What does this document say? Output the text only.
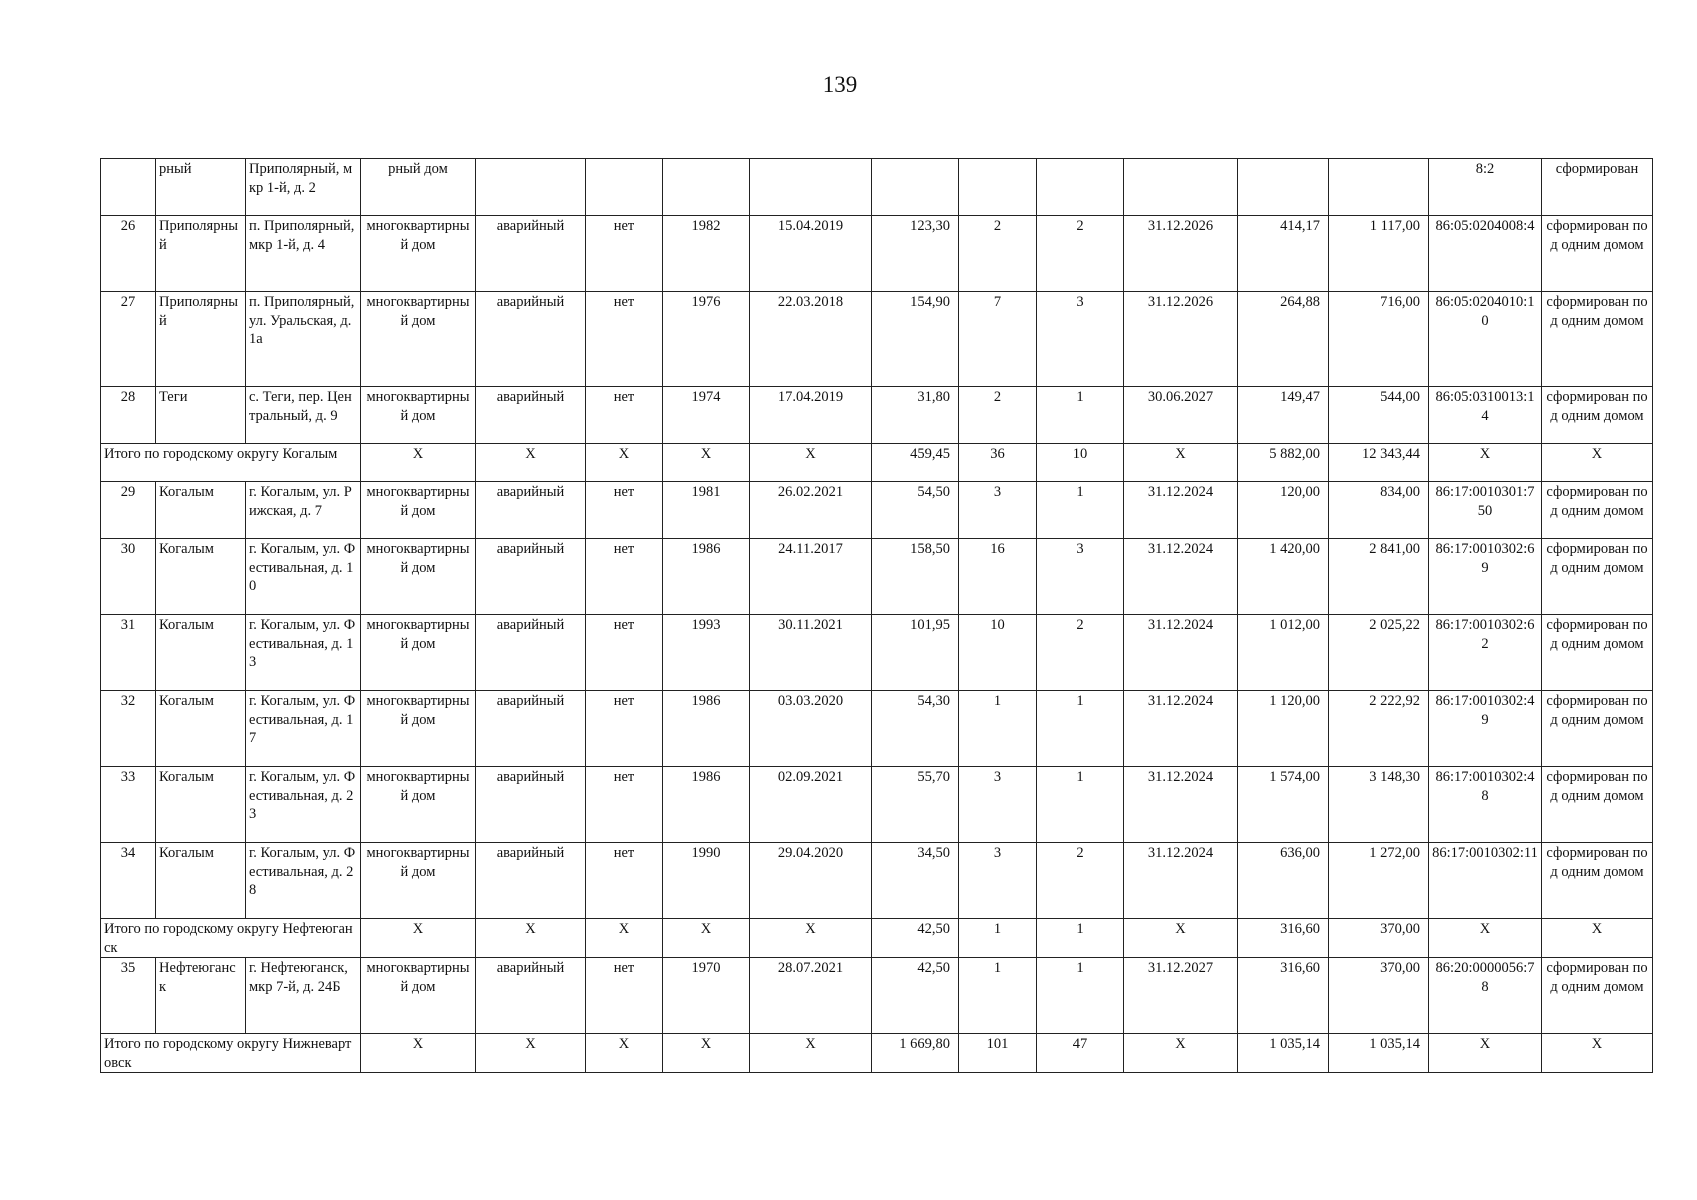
139
	рный	Приполярный, мкр 1-й, д. 2	рный дом											8:2	сформирован
26	Приполярный	п. Приполярный, мкр 1-й, д. 4	многоквартирный дом	аварийный	нет	1982	15.04.2019	123,30	2	2	31.12.2026	414,17	1 117,00	86:05:0204008:4	сформирован под одним домом
27	Приполярный	п. Приполярный, ул. Уральская, д. 1а	многоквартирный дом	аварийный	нет	1976	22.03.2018	154,90	7	3	31.12.2026	264,88	716,00	86:05:0204010:10	сформирован под одним домом
28	Теги	с. Теги, пер. Центральный, д. 9	многоквартирный дом	аварийный	нет	1974	17.04.2019	31,80	2	1	30.06.2027	149,47	544,00	86:05:0310013:14	сформирован под одним домом
Итого по городскому округу Когалым			X	X	X	X	X	459,45	36	10	X	5 882,00	12 343,44	X	X
29	Когалым	г. Когалым, ул. Рижская, д. 7	многоквартирный дом	аварийный	нет	1981	26.02.2021	54,50	3	1	31.12.2024	120,00	834,00	86:17:0010301:750	сформирован под одним домом
30	Когалым	г. Когалым, ул. Фестивальная, д. 10	многоквартирный дом	аварийный	нет	1986	24.11.2017	158,50	16	3	31.12.2024	1 420,00	2 841,00	86:17:0010302:69	сформирован под одним домом
31	Когалым	г. Когалым, ул. Фестивальная, д. 13	многоквартирный дом	аварийный	нет	1993	30.11.2021	101,95	10	2	31.12.2024	1 012,00	2 025,22	86:17:0010302:62	сформирован под одним домом
32	Когалым	г. Когалым, ул. Фестивальная, д. 17	многоквартирный дом	аварийный	нет	1986	03.03.2020	54,30	1	1	31.12.2024	1 120,00	2 222,92	86:17:0010302:49	сформирован под одним домом
33	Когалым	г. Когалым, ул. Фестивальная, д. 23	многоквартирный дом	аварийный	нет	1986	02.09.2021	55,70	3	1	31.12.2024	1 574,00	3 148,30	86:17:0010302:48	сформирован под одним домом
34	Когалым	г. Когалым, ул. Фестивальная, д. 28	многоквартирный дом	аварийный	нет	1990	29.04.2020	34,50	3	2	31.12.2024	636,00	1 272,00	86:17:0010302:11	сформирован под одним домом
Итого по городскому округу Нефтеюганск			X	X	X	X	X	42,50	1	1	X	316,60	370,00	X	X
35	Нефтеюганск	г. Нефтеюганск, мкр 7-й, д. 24Б	многоквартирный дом	аварийный	нет	1970	28.07.2021	42,50	1	1	31.12.2027	316,60	370,00	86:20:0000056:78	сформирован под одним домом
Итого по городскому округу Нижневартовск			X	X	X	X	X	1 669,80	101	47	X	1 035,14	1 035,14	X	X
